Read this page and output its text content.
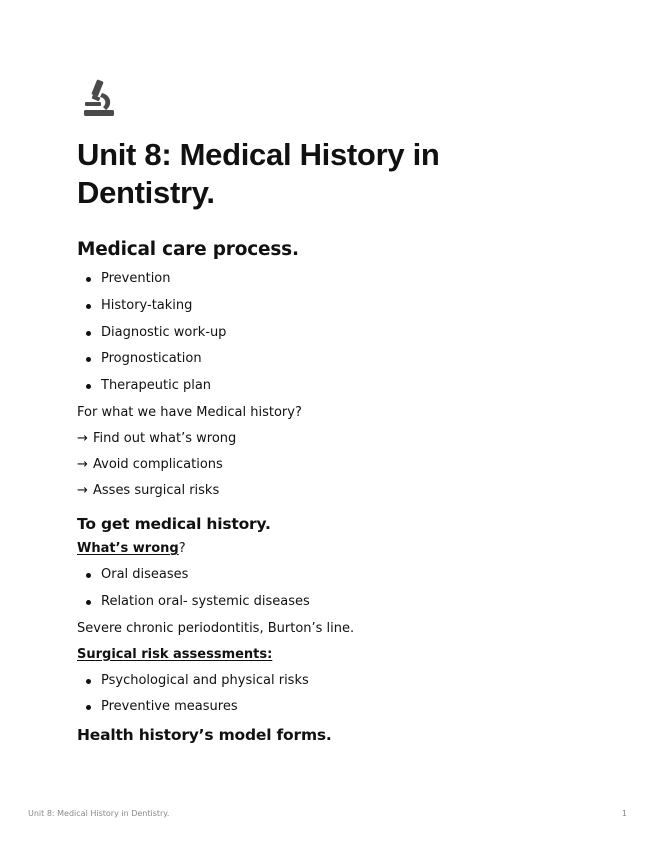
Unit 8: Medical History in Dentistry.
Medical care process.
Prevention
History-taking
Diagnostic work-up
Prognostication
Therapeutic plan

For what we have Medical history?

→ Find out what’s wrong

→ Avoid complications

→ Asses surgical risks

To get medical history.

What’s wrong?

Oral diseases
Relation oral- systemic diseases

Severe chronic periodontitis, Burton’s line.

Surgical risk assessments:

Psychological and physical risks
Preventive measures
Health history’s model forms.
Unit 8: Medical History in Dentistry.	1
